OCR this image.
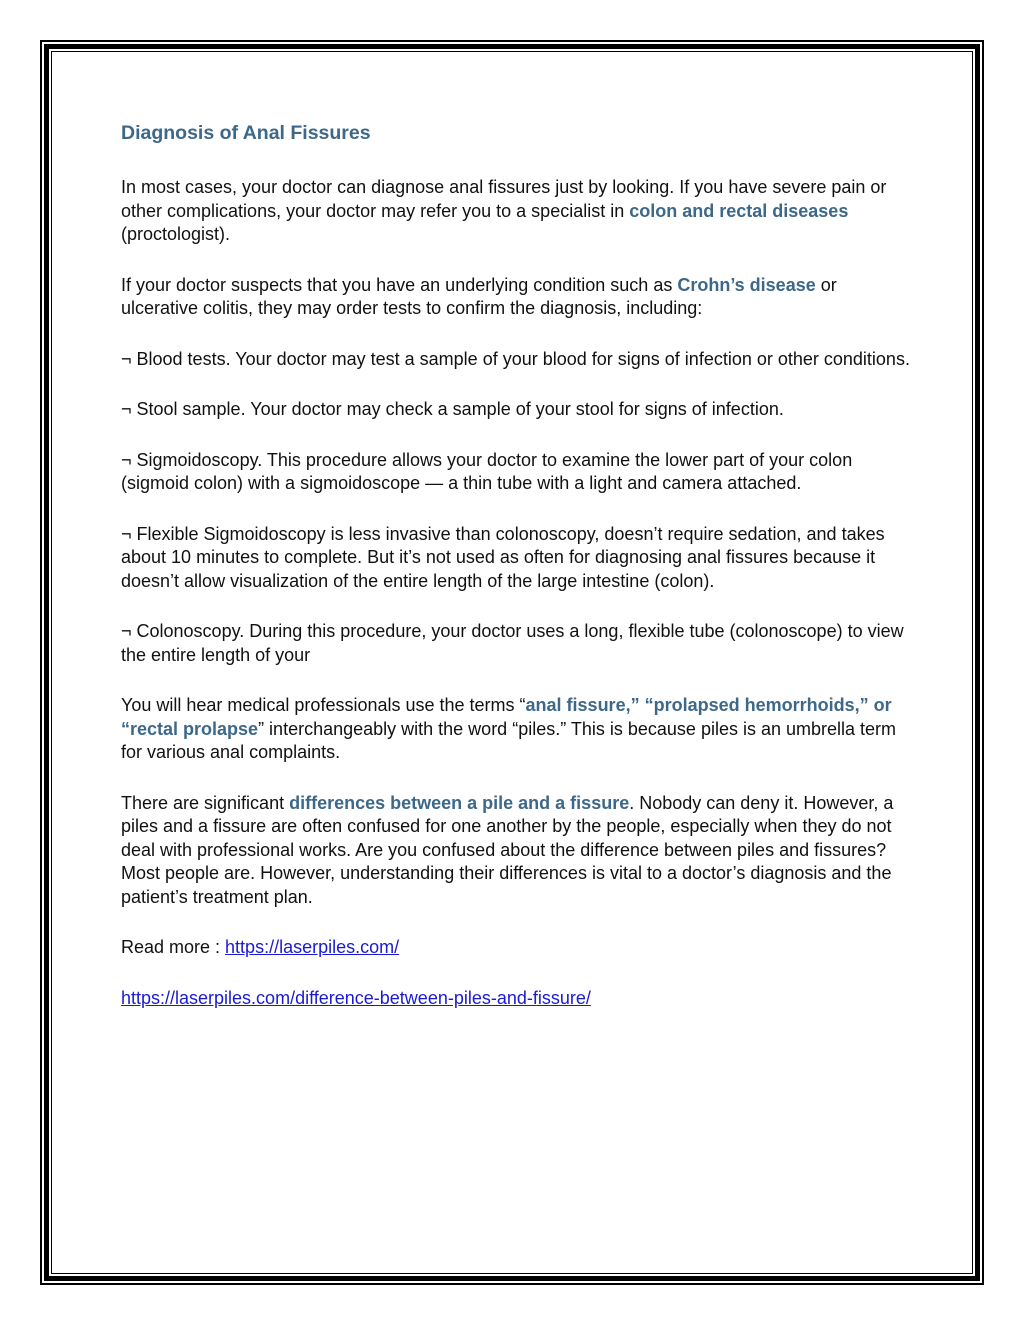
Diagnosis of Anal Fissures

In most cases, your doctor can diagnose anal fissures just by looking. If you have severe pain or other complications, your doctor may refer you to a specialist in colon and rectal diseases (proctologist).

If your doctor suspects that you have an underlying condition such as Crohn’s disease or ulcerative colitis, they may order tests to confirm the diagnosis, including:

¬ Blood tests. Your doctor may test a sample of your blood for signs of infection or other conditions.

¬ Stool sample. Your doctor may check a sample of your stool for signs of infection.

¬ Sigmoidoscopy. This procedure allows your doctor to examine the lower part of your colon (sigmoid colon) with a sigmoidoscope — a thin tube with a light and camera attached.

¬ Flexible Sigmoidoscopy is less invasive than colonoscopy, doesn’t require sedation, and takes about 10 minutes to complete. But it’s not used as often for diagnosing anal fissures because it doesn’t allow visualization of the entire length of the large intestine (colon).

¬ Colonoscopy. During this procedure, your doctor uses a long, flexible tube (colonoscope) to view the entire length of your

You will hear medical professionals use the terms “anal fissure,” “prolapsed hemorrhoids,” or “rectal prolapse” interchangeably with the word “piles.” This is because piles is an umbrella term for various anal complaints.

There are significant differences between a pile and a fissure. Nobody can deny it. However, a piles and a fissure are often confused for one another by the people, especially when they do not deal with professional works. Are you confused about the difference between piles and fissures? Most people are. However, understanding their differences is vital to a doctor’s diagnosis and the patient’s treatment plan.

Read more : https://laserpiles.com/

https://laserpiles.com/difference-between-piles-and-fissure/
